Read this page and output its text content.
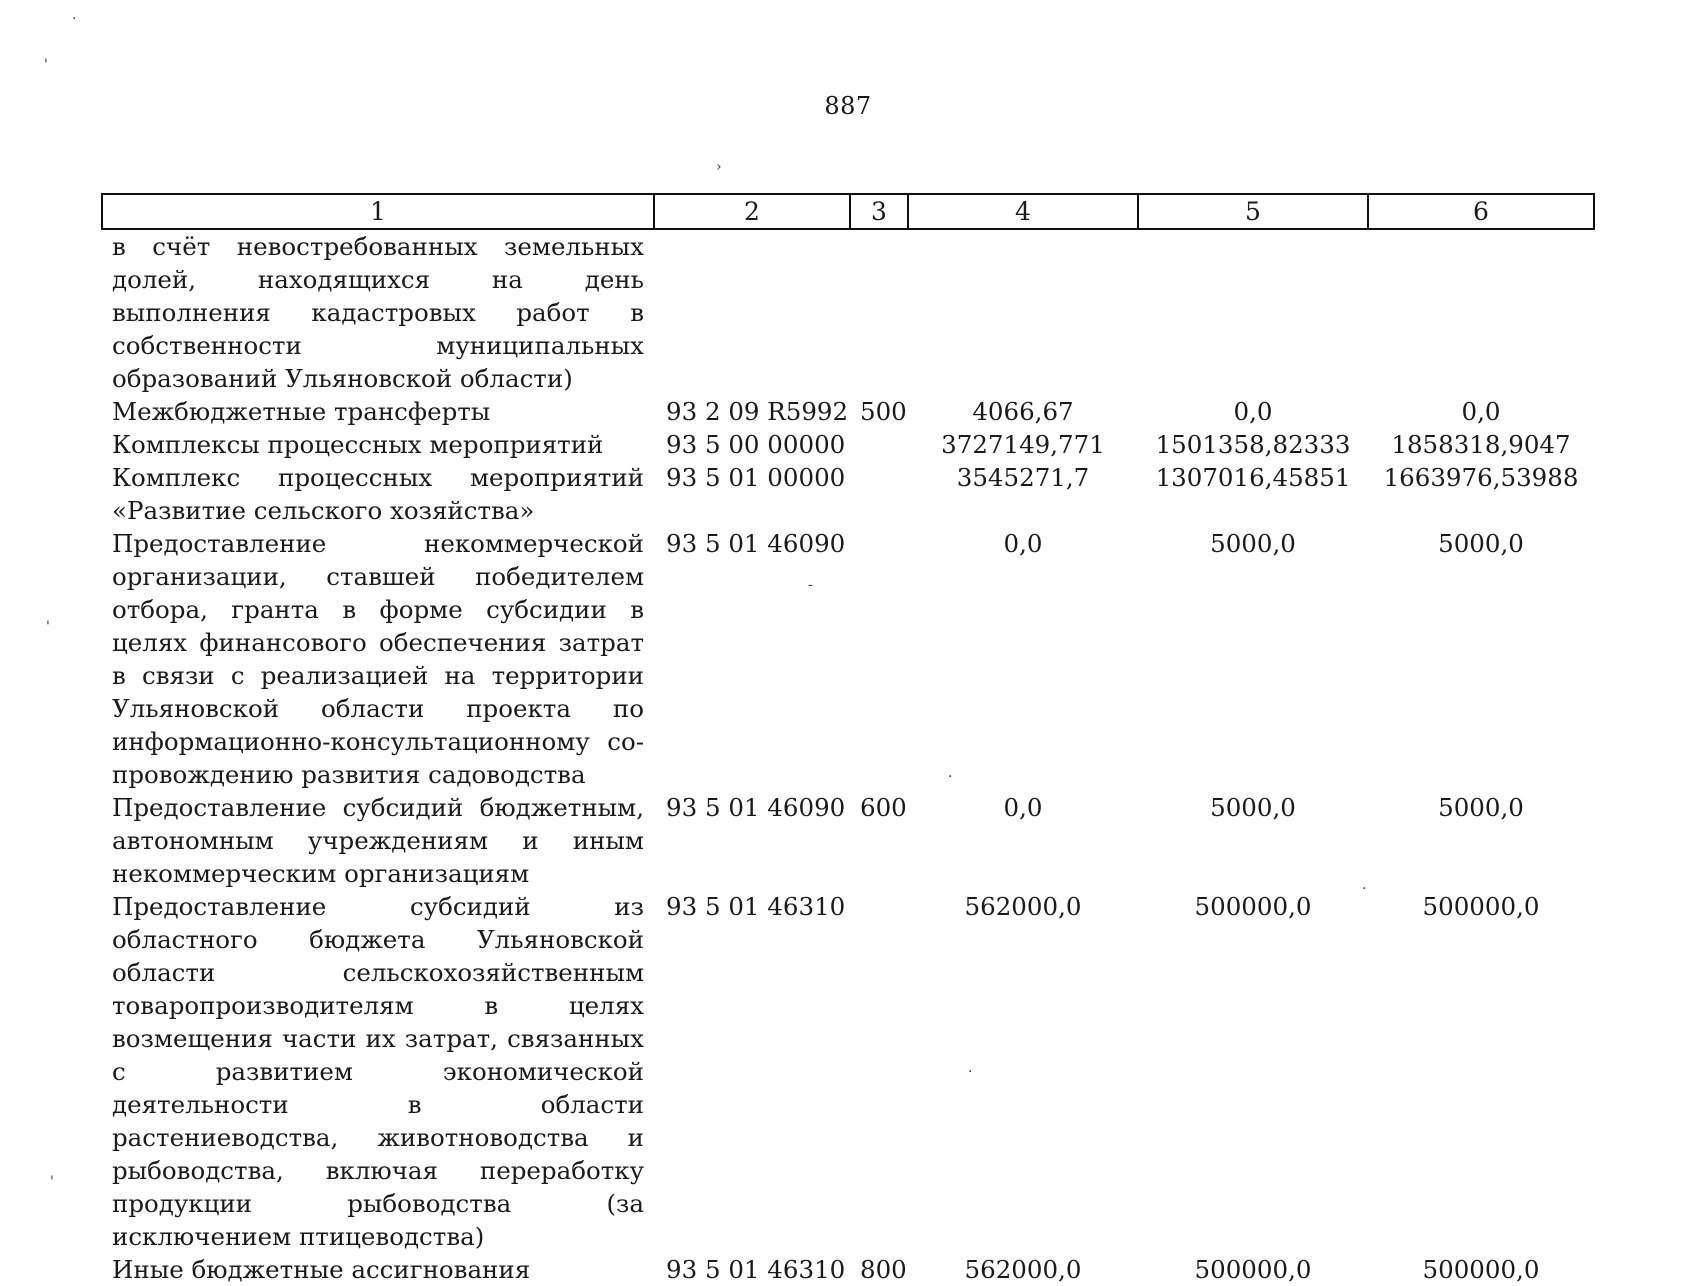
887
·
'
›
'
-
·
·
·
'
1	2	3	4	5	6
в счёт невостребованных земельных долей, находящихся на день выполнения кадастровых работ в собственности муниципальных образований Ульяновской области)					
Межбюджетные трансферты	93 2 09 R5992	500	4066,67	0,0	0,0
Комплексы процессных мероприятий	93 5 00 00000		3727149,771	1501358,82333	1858318,9047
Комплекс процессных мероприятий «Развитие сельского хозяйства»	93 5 01 00000		3545271,7	1307016,45851	1663976,53988
Предоставление некоммерческой организации, ставшей победителем отбора, гранта в форме субсидии в целях финансового обеспечения затрат в связи с реализацией на территории Ульяновской области проекта по информационно-консультационному сопровождению развития садоводства	93 5 01 46090		0,0	5000,0	5000,0
Предоставление субсидий бюджетным, автономным учреждениям и иным некоммерческим организациям	93 5 01 46090	600	0,0	5000,0	5000,0
Предоставление субсидий из областного бюджета Ульяновской области сельскохозяйственным товаропроизводителям в целях возмещения части их затрат, связанных с развитием экономической деятельности в области растениеводства, животноводства и рыбоводства, включая переработку продукции рыбоводства (за исключением птицеводства)	93 5 01 46310		562000,0	500000,0	500000,0
Иные бюджетные ассигнования	93 5 01 46310	800	562000,0	500000,0	500000,0
